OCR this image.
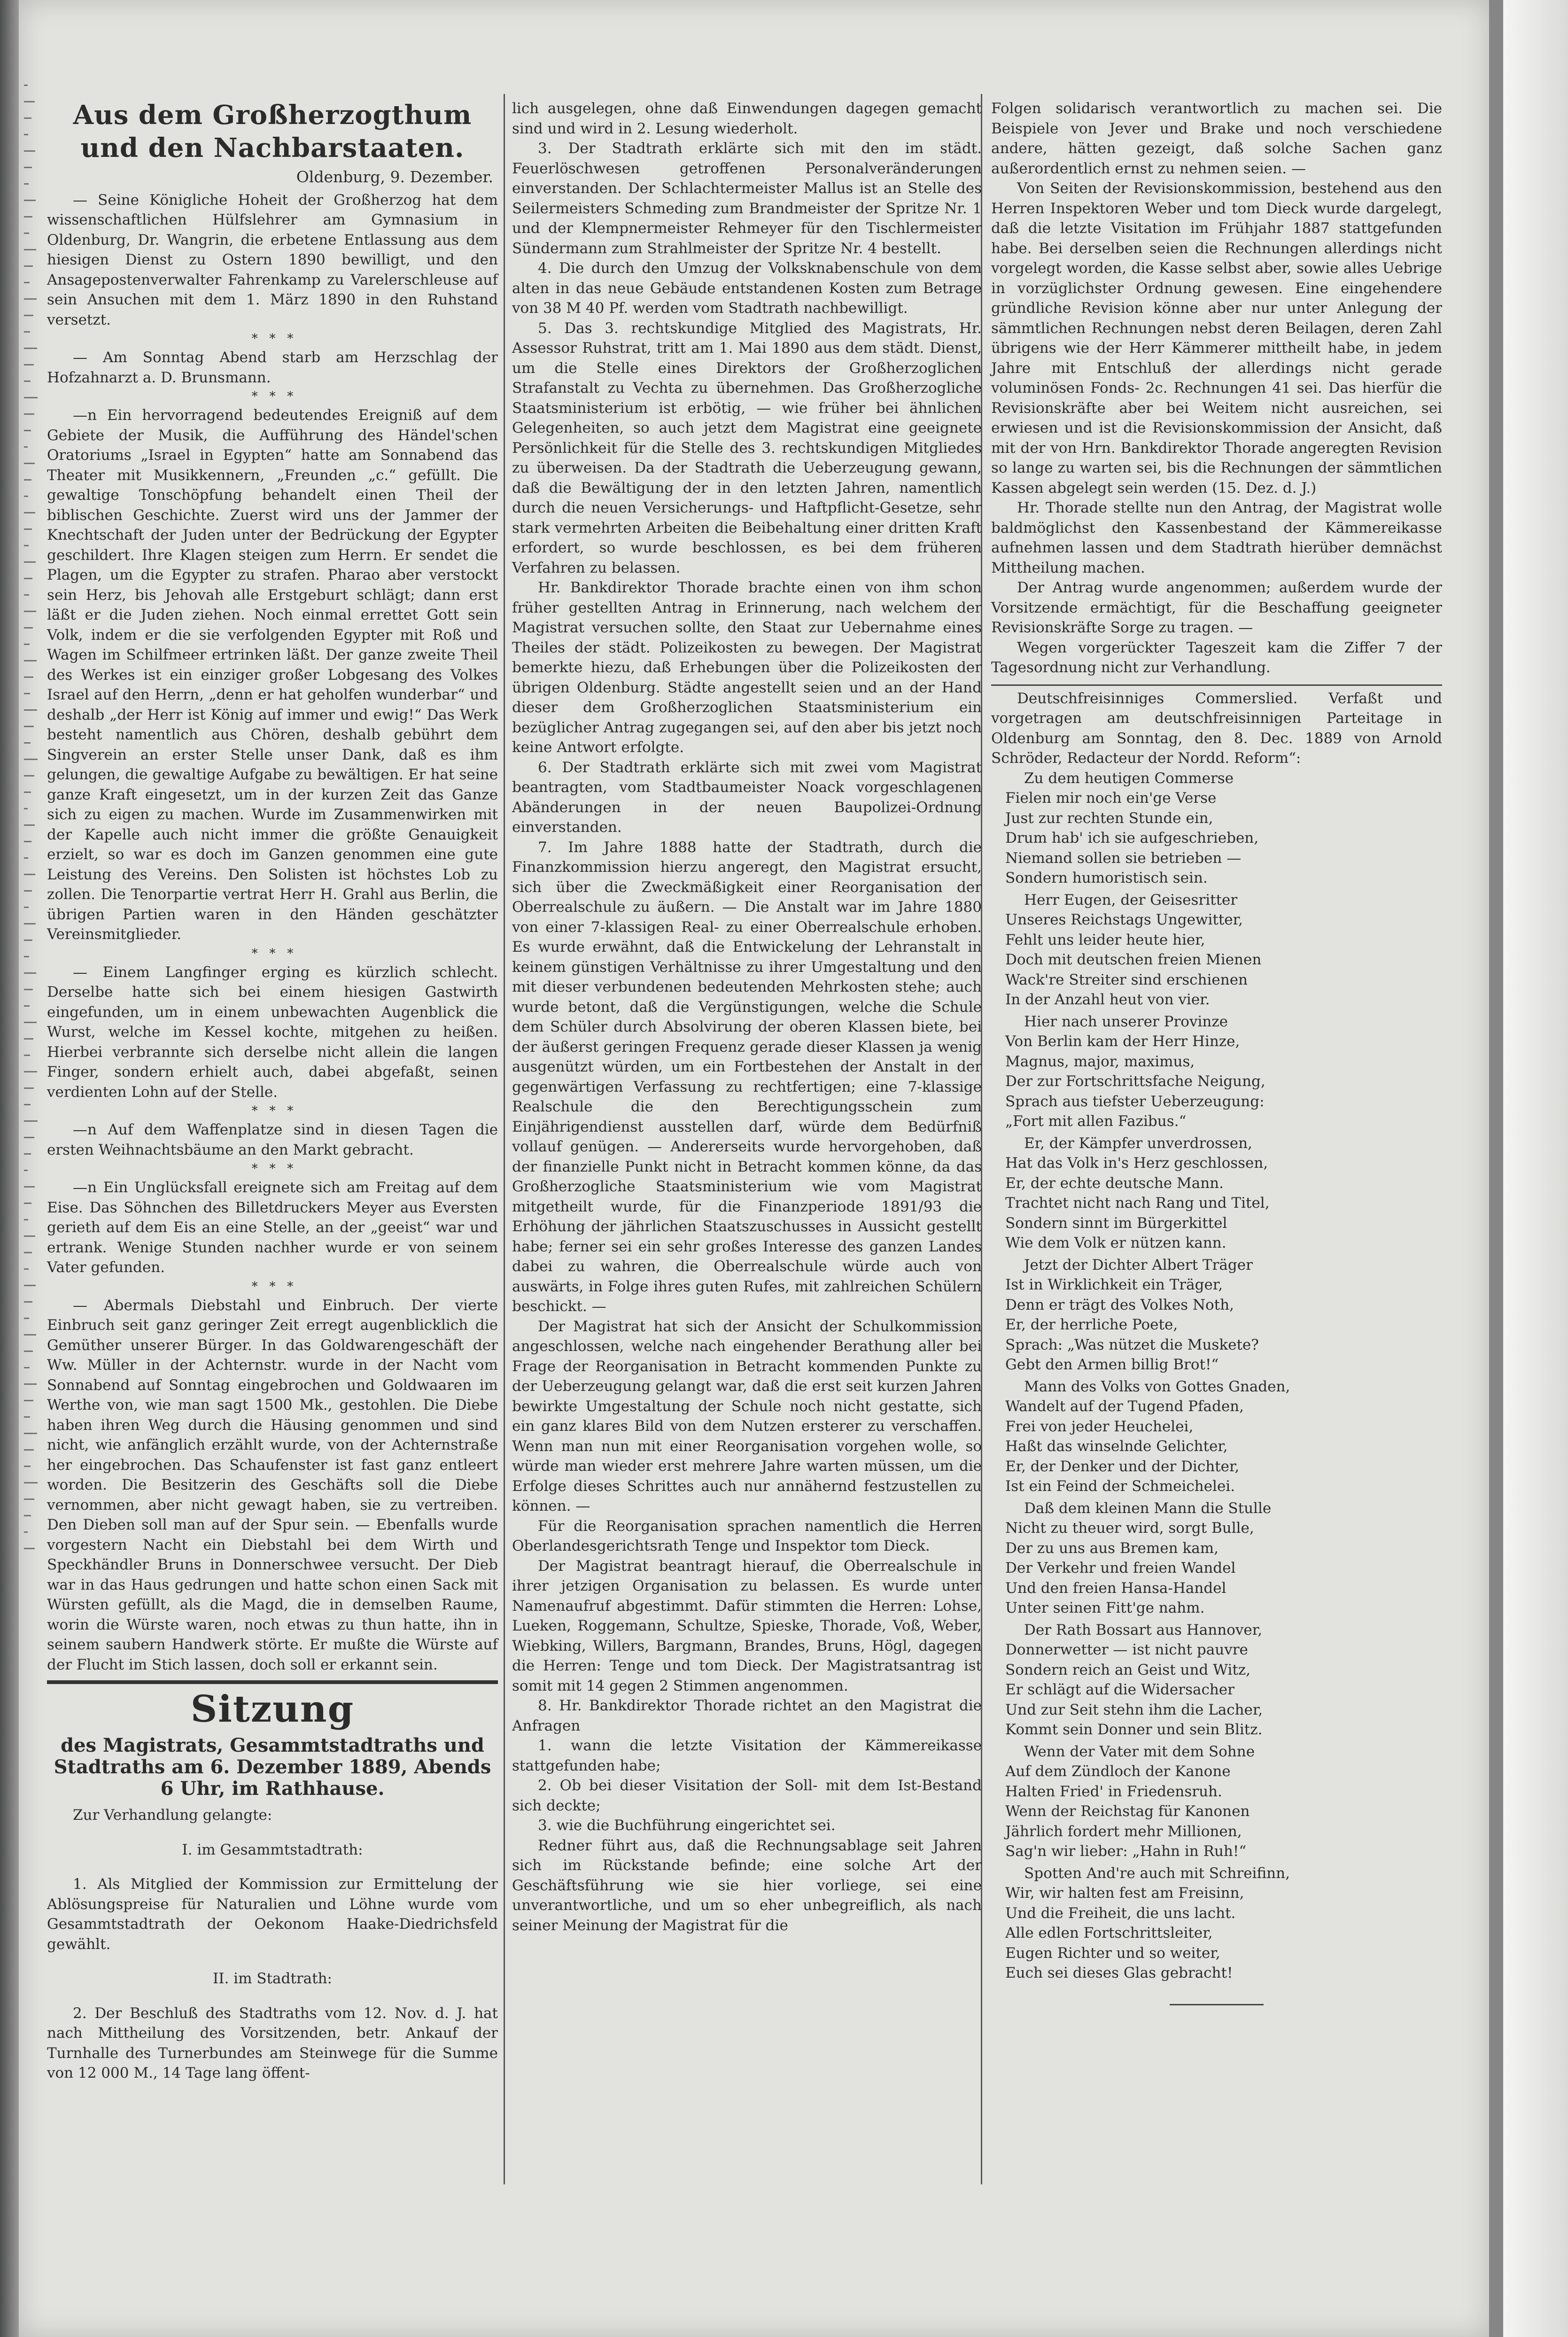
Aus dem Großherzogthum und den Nachbarstaaten.

Oldenburg, 9. Dezember.

— Seine Königliche Hoheit der Großherzog hat dem wissenschaftlichen Hülfslehrer am Gymnasium in Oldenburg, Dr. Wangrin, die erbetene Entlassung aus dem hiesigen Dienst zu Ostern 1890 bewilligt, und den Ansagepostenverwalter Fahrenkamp zu Varelerschleuse auf sein Ansuchen mit dem 1. März 1890 in den Ruhstand versetzt.

*   *   *

— Am Sonntag Abend starb am Herzschlag der Hofzahnarzt a. D. Brunsmann.

*   *   *

—n Ein hervorragend bedeutendes Ereigniß auf dem Gebiete der Musik, die Aufführung des Händel'schen Oratoriums „Israel in Egypten“ hatte am Sonnabend das Theater mit Musikkennern, „Freunden „c.“ gefüllt. Die gewaltige Tonschöpfung behandelt einen Theil der biblischen Geschichte. Zuerst wird uns der Jammer der Knechtschaft der Juden unter der Bedrückung der Egypter geschildert. Ihre Klagen steigen zum Herrn. Er sendet die Plagen, um die Egypter zu strafen. Pharao aber verstockt sein Herz, bis Jehovah alle Erstgeburt schlägt; dann erst läßt er die Juden ziehen. Noch einmal errettet Gott sein Volk, indem er die sie verfolgenden Egypter mit Roß und Wagen im Schilfmeer ertrinken läßt. Der ganze zweite Theil des Werkes ist ein einziger großer Lobgesang des Volkes Israel auf den Herrn, „denn er hat geholfen wunderbar“ und deshalb „der Herr ist König auf immer und ewig!“ Das Werk besteht namentlich aus Chören, deshalb gebührt dem Singverein an erster Stelle unser Dank, daß es ihm gelungen, die gewaltige Aufgabe zu bewältigen. Er hat seine ganze Kraft eingesetzt, um in der kurzen Zeit das Ganze sich zu eigen zu machen. Wurde im Zusammenwirken mit der Kapelle auch nicht immer die größte Genauigkeit erzielt, so war es doch im Ganzen genommen eine gute Leistung des Vereins. Den Solisten ist höchstes Lob zu zollen. Die Tenorpartie vertrat Herr H. Grahl aus Berlin, die übrigen Partien waren in den Händen geschätzter Vereinsmitglieder.

*   *   *

— Einem Langfinger erging es kürzlich schlecht. Derselbe hatte sich bei einem hiesigen Gastwirth eingefunden, um in einem unbewachten Augenblick die Wurst, welche im Kessel kochte, mitgehen zu heißen. Hierbei verbrannte sich derselbe nicht allein die langen Finger, sondern erhielt auch, dabei abgefaßt, seinen verdienten Lohn auf der Stelle.

*   *   *

—n Auf dem Waffenplatze sind in diesen Tagen die ersten Weihnachtsbäume an den Markt gebracht.

*   *   *

—n Ein Unglücksfall ereignete sich am Freitag auf dem Eise. Das Söhnchen des Billetdruckers Meyer aus Eversten gerieth auf dem Eis an eine Stelle, an der „geeist“ war und ertrank. Wenige Stunden nachher wurde er von seinem Vater gefunden.

*   *   *

— Abermals Diebstahl und Einbruch. Der vierte Einbruch seit ganz geringer Zeit erregt augenblicklich die Gemüther unserer Bürger. In das Goldwarengeschäft der Ww. Müller in der Achternstr. wurde in der Nacht vom Sonnabend auf Sonntag eingebrochen und Goldwaaren im Werthe von, wie man sagt 1500 Mk., gestohlen. Die Diebe haben ihren Weg durch die Häusing genommen und sind nicht, wie anfänglich erzählt wurde, von der Achternstraße her eingebrochen. Das Schaufenster ist fast ganz entleert worden. Die Besitzerin des Geschäfts soll die Diebe vernommen, aber nicht gewagt haben, sie zu vertreiben. Den Dieben soll man auf der Spur sein. — Ebenfalls wurde vorgestern Nacht ein Diebstahl bei dem Wirth und Speckhändler Bruns in Donnerschwee versucht. Der Dieb war in das Haus gedrungen und hatte schon einen Sack mit Würsten gefüllt, als die Magd, die in demselben Raume, worin die Würste waren, noch etwas zu thun hatte, ihn in seinem saubern Handwerk störte. Er mußte die Würste auf der Flucht im Stich lassen, doch soll er erkannt sein.

Sitzung
des Magistrats, Gesammtstadtraths und Stadtraths am 6. Dezember 1889, Abends 6 Uhr, im Rathhause.

Zur Verhandlung gelangte:

I. im Gesammtstadtrath:

1. Als Mitglied der Kommission zur Ermittelung der Ablösungspreise für Naturalien und Löhne wurde vom Gesammtstadtrath der Oekonom Haake-Diedrichsfeld gewählt.

II. im Stadtrath:

2. Der Beschluß des Stadtraths vom 12. Nov. d. J. hat nach Mittheilung des Vorsitzenden, betr. Ankauf der Turnhalle des Turnerbundes am Steinwege für die Summe von 12 000 M., 14 Tage lang öffent-

lich ausgelegen, ohne daß Einwendungen dagegen gemacht sind und wird in 2. Lesung wiederholt.

3. Der Stadtrath erklärte sich mit den im städt. Feuerlöschwesen getroffenen Personalveränderungen einverstanden. Der Schlachtermeister Mallus ist an Stelle des Seilermeisters Schmeding zum Brandmeister der Spritze Nr. 1 und der Klempnermeister Rehmeyer für den Tischlermeister Sündermann zum Strahlmeister der Spritze Nr. 4 bestellt.

4. Die durch den Umzug der Volksknabenschule von dem alten in das neue Gebäude entstandenen Kosten zum Betrage von 38 M 40 Pf. werden vom Stadtrath nachbewilligt.

5. Das 3. rechtskundige Mitglied des Magistrats, Hr. Assessor Ruhstrat, tritt am 1. Mai 1890 aus dem städt. Dienst, um die Stelle eines Direktors der Großherzoglichen Strafanstalt zu Vechta zu übernehmen. Das Großherzogliche Staatsministerium ist erbötig, — wie früher bei ähnlichen Gelegenheiten, so auch jetzt dem Magistrat eine geeignete Persönlichkeit für die Stelle des 3. rechtskundigen Mitgliedes zu überweisen. Da der Stadtrath die Ueberzeugung gewann, daß die Bewältigung der in den letzten Jahren, namentlich durch die neuen Versicherungs- und Haftpflicht-Gesetze, sehr stark vermehrten Arbeiten die Beibehaltung einer dritten Kraft erfordert, so wurde beschlossen, es bei dem früheren Verfahren zu belassen.

Hr. Bankdirektor Thorade brachte einen von ihm schon früher gestellten Antrag in Erinnerung, nach welchem der Magistrat versuchen sollte, den Staat zur Uebernahme eines Theiles der städt. Polizeikosten zu bewegen. Der Magistrat bemerkte hiezu, daß Erhebungen über die Polizeikosten der übrigen Oldenburg. Städte angestellt seien und an der Hand dieser dem Großherzoglichen Staatsministerium ein bezüglicher Antrag zugegangen sei, auf den aber bis jetzt noch keine Antwort erfolgte.

6. Der Stadtrath erklärte sich mit zwei vom Magistrat beantragten, vom Stadtbaumeister Noack vorgeschlagenen Abänderungen in der neuen Baupolizei-Ordnung einverstanden.

7. Im Jahre 1888 hatte der Stadtrath, durch die Finanzkommission hierzu angeregt, den Magistrat ersucht, sich über die Zweckmäßigkeit einer Reorganisation der Oberrealschule zu äußern. — Die Anstalt war im Jahre 1880 von einer 7-klassigen Real- zu einer Oberrealschule erhoben. Es wurde erwähnt, daß die Entwickelung der Lehranstalt in keinem günstigen Verhältnisse zu ihrer Umgestaltung und den mit dieser verbundenen bedeutenden Mehrkosten stehe; auch wurde betont, daß die Vergünstigungen, welche die Schule dem Schüler durch Absolvirung der oberen Klassen biete, bei der äußerst geringen Frequenz gerade dieser Klassen ja wenig ausgenützt würden, um ein Fortbestehen der Anstalt in der gegenwärtigen Verfassung zu rechtfertigen; eine 7-klassige Realschule die den Berechtigungsschein zum Einjährigendienst ausstellen darf, würde dem Bedürfniß vollauf genügen. — Andererseits wurde hervorgehoben, daß der finanzielle Punkt nicht in Betracht kommen könne, da das Großherzogliche Staatsministerium wie vom Magistrat mitgetheilt wurde, für die Finanzperiode 1891/93 die Erhöhung der jährlichen Staatszuschusses in Aussicht gestellt habe; ferner sei ein sehr großes Interesse des ganzen Landes dabei zu wahren, die Oberrealschule würde auch von auswärts, in Folge ihres guten Rufes, mit zahlreichen Schülern beschickt. —

Der Magistrat hat sich der Ansicht der Schulkommission angeschlossen, welche nach eingehender Berathung aller bei Frage der Reorganisation in Betracht kommenden Punkte zu der Ueberzeugung gelangt war, daß die erst seit kurzen Jahren bewirkte Umgestaltung der Schule noch nicht gestatte, sich ein ganz klares Bild von dem Nutzen ersterer zu verschaffen. Wenn man nun mit einer Reorganisation vorgehen wolle, so würde man wieder erst mehrere Jahre warten müssen, um die Erfolge dieses Schrittes auch nur annähernd festzustellen zu können. —

Für die Reorganisation sprachen namentlich die Herren Oberlandesgerichtsrath Tenge und Inspektor tom Dieck.

Der Magistrat beantragt hierauf, die Oberrealschule in ihrer jetzigen Organisation zu belassen. Es wurde unter Namenaufruf abgestimmt. Dafür stimmten die Herren: Lohse, Lueken, Roggemann, Schultze, Spieske, Thorade, Voß, Weber, Wiebking, Willers, Bargmann, Brandes, Bruns, Högl, dagegen die Herren: Tenge und tom Dieck. Der Magistratsantrag ist somit mit 14 gegen 2 Stimmen angenommen.

8. Hr. Bankdirektor Thorade richtet an den Magistrat die Anfragen

1. wann die letzte Visitation der Kämmereikasse stattgefunden habe;

2. Ob bei dieser Visitation der Soll- mit dem Ist-Bestand sich deckte;

3. wie die Buchführung eingerichtet sei.

Redner führt aus, daß die Rechnungsablage seit Jahren sich im Rückstande befinde; eine solche Art der Geschäftsführung wie sie hier vorliege, sei eine unverantwortliche, und um so eher unbegreiflich, als nach seiner Meinung der Magistrat für die

Folgen solidarisch verantwortlich zu machen sei. Die Beispiele von Jever und Brake und noch verschiedene andere, hätten gezeigt, daß solche Sachen ganz außerordentlich ernst zu nehmen seien. —

Von Seiten der Revisionskommission, bestehend aus den Herren Inspektoren Weber und tom Dieck wurde dargelegt, daß die letzte Visitation im Frühjahr 1887 stattgefunden habe. Bei derselben seien die Rechnungen allerdings nicht vorgelegt worden, die Kasse selbst aber, sowie alles Uebrige in vorzüglichster Ordnung gewesen. Eine eingehendere gründliche Revision könne aber nur unter Anlegung der sämmtlichen Rechnungen nebst deren Beilagen, deren Zahl übrigens wie der Herr Kämmerer mittheilt habe, in jedem Jahre mit Entschluß der allerdings nicht gerade voluminösen Fonds- 2c. Rechnungen 41 sei. Das hierfür die Revisionskräfte aber bei Weitem nicht ausreichen, sei erwiesen und ist die Revisionskommission der Ansicht, daß mit der von Hrn. Bankdirektor Thorade angeregten Revision so lange zu warten sei, bis die Rechnungen der sämmtlichen Kassen abgelegt sein werden (15. Dez. d. J.)

Hr. Thorade stellte nun den Antrag, der Magistrat wolle baldmöglichst den Kassenbestand der Kämmereikasse aufnehmen lassen und dem Stadtrath hierüber demnächst Mittheilung machen.

Der Antrag wurde angenommen; außerdem wurde der Vorsitzende ermächtigt, für die Beschaffung geeigneter Revisionskräfte Sorge zu tragen. —

Wegen vorgerückter Tageszeit kam die Ziffer 7 der Tagesordnung nicht zur Verhandlung.

Deutschfreisinniges Commerslied. Verfaßt und vorgetragen am deutschfreisinnigen Parteitage in Oldenburg am Sonntag, den 8. Dec. 1889 von Arnold Schröder, Redacteur der Nordd. Reform“:

Zu dem heutigen Commerse
Fielen mir noch ein'ge Verse
Just zur rechten Stunde ein,
Drum hab' ich sie aufgeschrieben,
Niemand sollen sie betrieben —
Sondern humoristisch sein.
Herr Eugen, der Geisesritter
Unseres Reichstags Ungewitter,
Fehlt uns leider heute hier,
Doch mit deutschen freien Mienen
Wack're Streiter sind erschienen
In der Anzahl heut von vier.
Hier nach unserer Provinze
Von Berlin kam der Herr Hinze,
Magnus, major, maximus,
Der zur Fortschrittsfache Neigung,
Sprach aus tiefster Ueberzeugung:
„Fort mit allen Fazibus.“
Er, der Kämpfer unverdrossen,
Hat das Volk in's Herz geschlossen,
Er, der echte deutsche Mann.
Trachtet nicht nach Rang und Titel,
Sondern sinnt im Bürgerkittel
Wie dem Volk er nützen kann.
Jetzt der Dichter Albert Träger
Ist in Wirklichkeit ein Träger,
Denn er trägt des Volkes Noth,
Er, der herrliche Poete,
Sprach: „Was nützet die Muskete?
Gebt den Armen billig Brot!“
Mann des Volks von Gottes Gnaden,
Wandelt auf der Tugend Pfaden,
Frei von jeder Heuchelei,
Haßt das winselnde Gelichter,
Er, der Denker und der Dichter,
Ist ein Feind der Schmeichelei.
Daß dem kleinen Mann die Stulle
Nicht zu theuer wird, sorgt Bulle,
Der zu uns aus Bremen kam,
Der Verkehr und freien Wandel
Und den freien Hansa-Handel
Unter seinen Fitt'ge nahm.
Der Rath Bossart aus Hannover,
Donnerwetter — ist nicht pauvre
Sondern reich an Geist und Witz,
Er schlägt auf die Widersacher
Und zur Seit stehn ihm die Lacher,
Kommt sein Donner und sein Blitz.
Wenn der Vater mit dem Sohne
Auf dem Zündloch der Kanone
Halten Fried' in Friedensruh.
Wenn der Reichstag für Kanonen
Jährlich fordert mehr Millionen,
Sag'n wir lieber: „Hahn in Ruh!“
Spotten And're auch mit Schreifinn,
Wir, wir halten fest am Freisinn,
Und die Freiheit, die uns lacht.
Alle edlen Fortschrittsleiter,
Eugen Richter und so weiter,
Euch sei dieses Glas gebracht!
